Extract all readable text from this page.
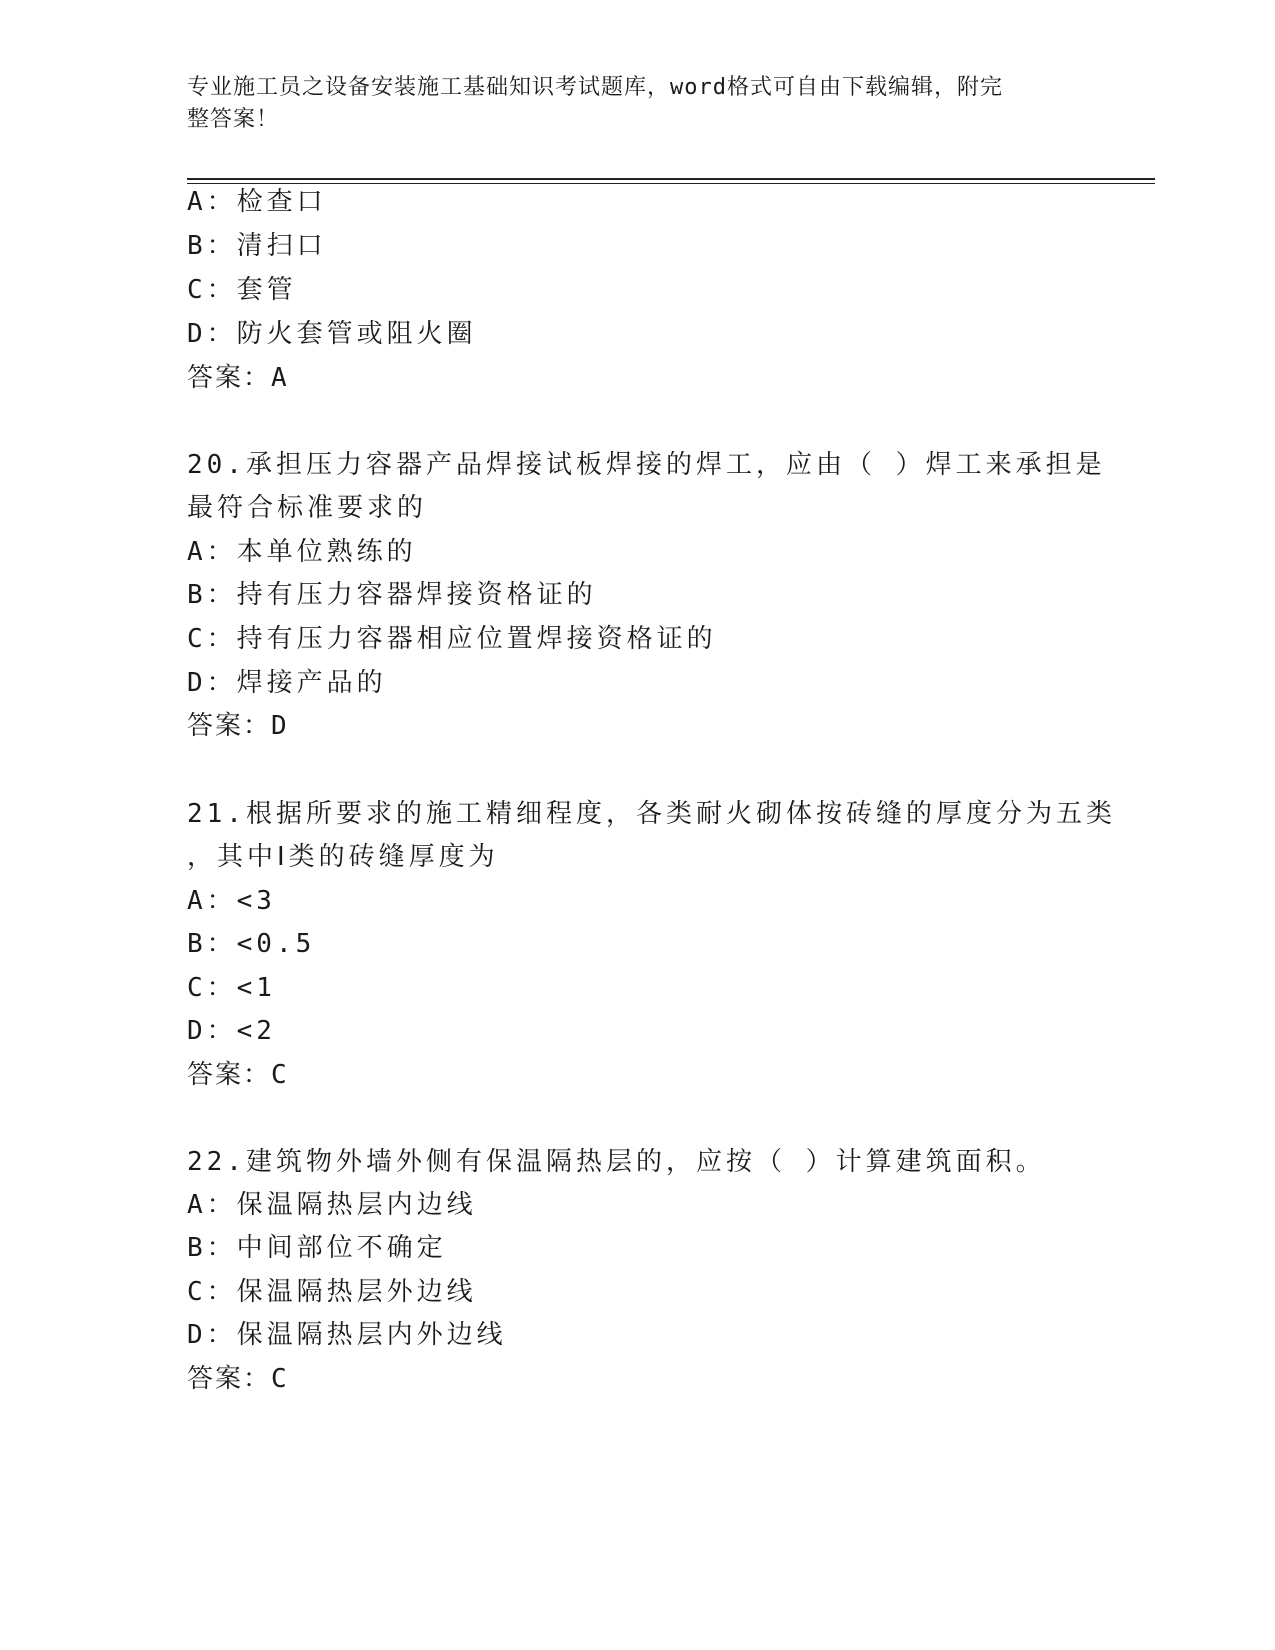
专业施工员之设备安装施工基础知识考试题库，word格式可自由下载编辑，附完
整答案！
A：检查口
B：清扫口
C：套管
D：防火套管或阻火圈
答案：A
20.承担压力容器产品焊接试板焊接的焊工，应由（ ）焊工来承担是
最符合标准要求的
A：本单位熟练的
B：持有压力容器焊接资格证的
C：持有压力容器相应位置焊接资格证的
D：焊接产品的
答案：D
21.根据所要求的施工精细程度，各类耐火砌体按砖缝的厚度分为五类
，其中Ⅰ类的砖缝厚度为
A：<3
B：<0.5
C：<1
D：<2
答案：C
22.建筑物外墙外侧有保温隔热层的，应按（ ）计算建筑面积。
A：保温隔热层内边线
B：中间部位不确定
C：保温隔热层外边线
D：保温隔热层内外边线
答案：C
